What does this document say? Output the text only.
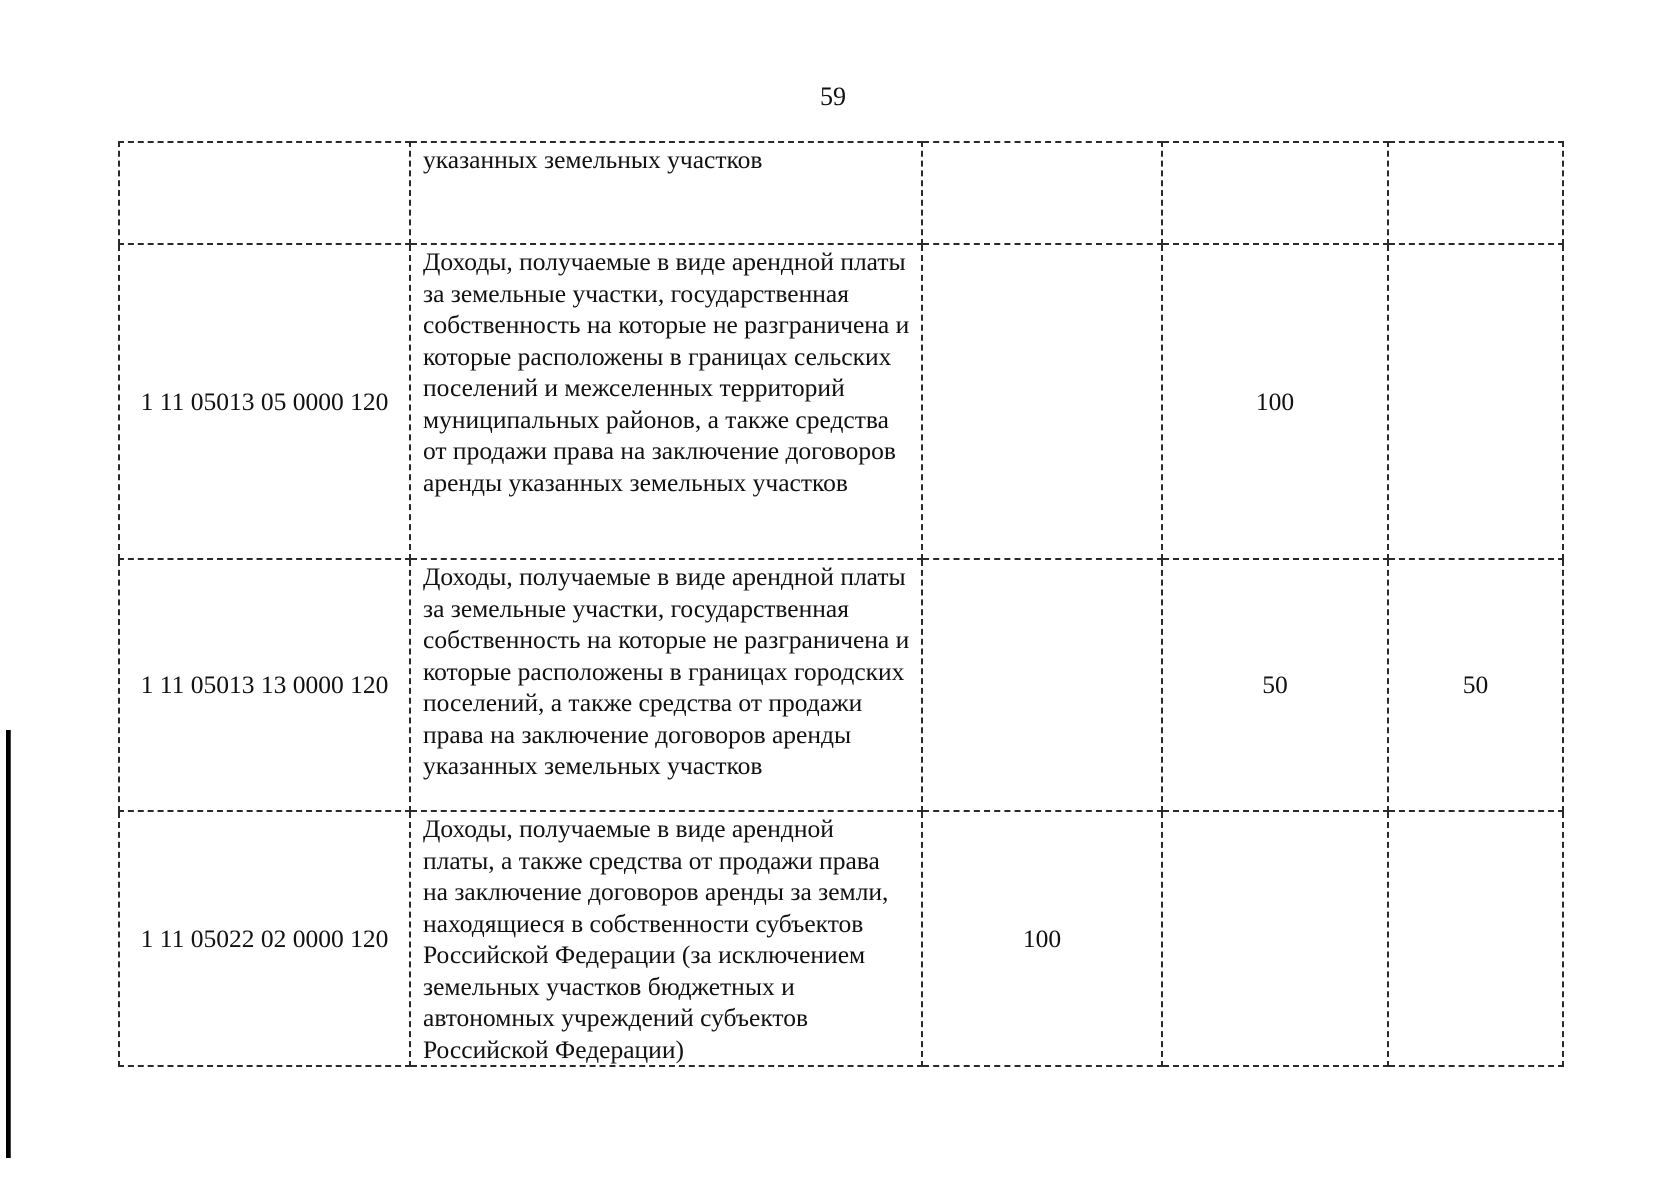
59
	указанных земельных участков			
1 11 05013 05 0000 120	Доходы, получаемые в виде арендной платы за земельные участки, государственная собственность на которые не разграничена и которые расположены в границах сельских поселений и межселенных территорий муниципальных районов, а также средства от продажи права на заключение договоров аренды указанных земельных участков		100	
1 11 05013 13 0000 120	Доходы, получаемые в виде арендной платы за земельные участки, государственная собственность на которые не разграничена и которые расположены в границах городских поселений, а также средства от продажи права на заключение договоров аренды указанных земельных участков		50	50
1 11 05022 02 0000 120	Доходы, получаемые в виде арендной платы, а также средства от продажи права на заключение договоров аренды за земли, находящиеся в собственности субъектов Российской Федерации (за исключением земельных участков бюджетных и автономных учреждений субъектов Российской Федерации)	100		
